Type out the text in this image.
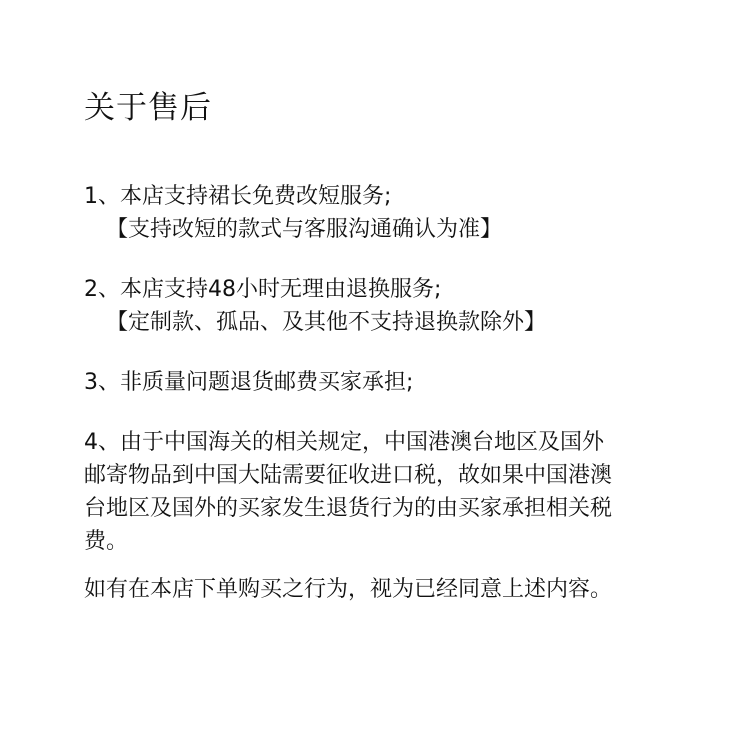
关于售后

1、本店支持裙长免费改短服务;

【支持改短的款式与客服沟通确认为准】

2、本店支持48小时无理由退换服务;

【定制款、孤品、及其他不支持退换款除外】

3、非质量问题退货邮费买家承担;

4、由于中国海关的相关规定，中国港澳台地区及国外

邮寄物品到中国大陆需要征收进口税，故如果中国港澳

台地区及国外的买家发生退货行为的由买家承担相关税

费。

如有在本店下单购买之行为，视为已经同意上述内容。
